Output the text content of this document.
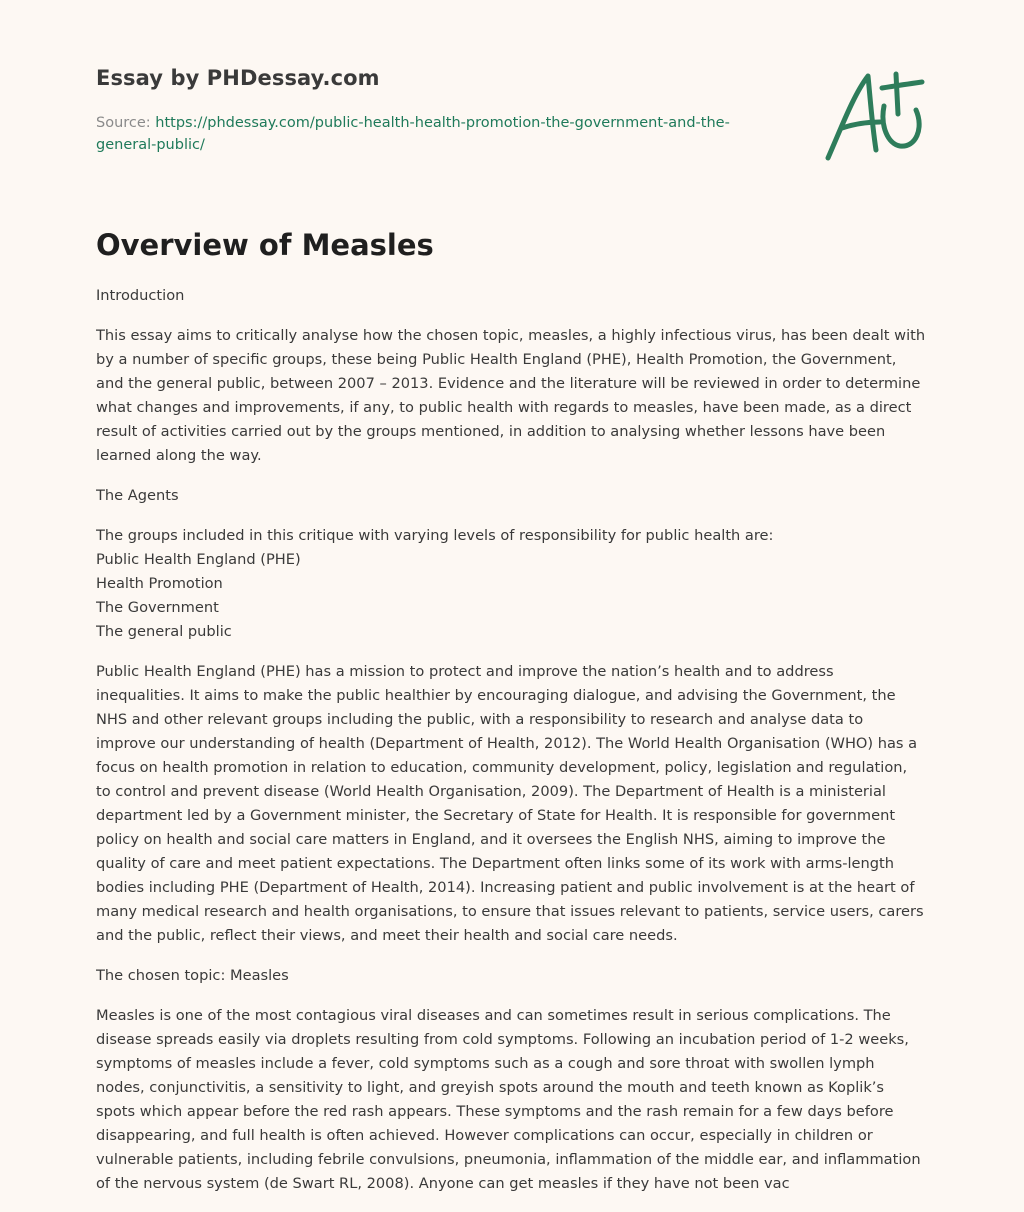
Essay by PHDessay.com
Source: https://phdessay.com/public-health-health-promotion-the-government-and-the-general-public/
Overview of Measles

Introduction

This essay aims to critically analyse how the chosen topic, measles, a highly infectious virus, has been dealt with by a number of specific groups, these being Public Health England (PHE), Health Promotion, the Government, and the general public, between 2007 – 2013. Evidence and the literature will be reviewed in order to determine what changes and improvements, if any, to public health with regards to measles, have been made, as a direct result of activities carried out by the groups mentioned, in addition to analysing whether lessons have been learned along the way.

The Agents

The groups included in this critique with varying levels of responsibility for public health are:
Public Health England (PHE)
Health Promotion
The Government
The general public

Public Health England (PHE) has a mission to protect and improve the nation’s health and to address inequalities. It aims to make the public healthier by encouraging dialogue, and advising the Government, the NHS and other relevant groups including the public, with a responsibility to research and analyse data to improve our understanding of health (Department of Health, 2012). The World Health Organisation (WHO) has a focus on health promotion in relation to education, community development, policy, legislation and regulation, to control and prevent disease (World Health Organisation, 2009). The Department of Health is a ministerial department led by a Government minister, the Secretary of State for Health. It is responsible for government policy on health and social care matters in England, and it oversees the English NHS, aiming to improve the quality of care and meet patient expectations. The Department often links some of its work with arms-length bodies including PHE (Department of Health, 2014). Increasing patient and public involvement is at the heart of many medical research and health organisations, to ensure that issues relevant to patients, service users, carers and the public, reflect their views, and meet their health and social care needs.

The chosen topic: Measles

Measles is one of the most contagious viral diseases and can sometimes result in serious complications. The disease spreads easily via droplets resulting from cold symptoms. Following an incubation period of 1-2 weeks, symptoms of measles include a fever, cold symptoms such as a cough and sore throat with swollen lymph nodes, conjunctivitis, a sensitivity to light, and greyish spots around the mouth and teeth known as Koplik’s spots which appear before the red rash appears. These symptoms and the rash remain for a few days before disappearing, and full health is often achieved. However complications can occur, especially in children or vulnerable patients, including febrile convulsions, pneumonia, inflammation of the middle ear, and inflammation of the nervous system (de Swart RL, 2008). Anyone can get measles if they have not been vac
